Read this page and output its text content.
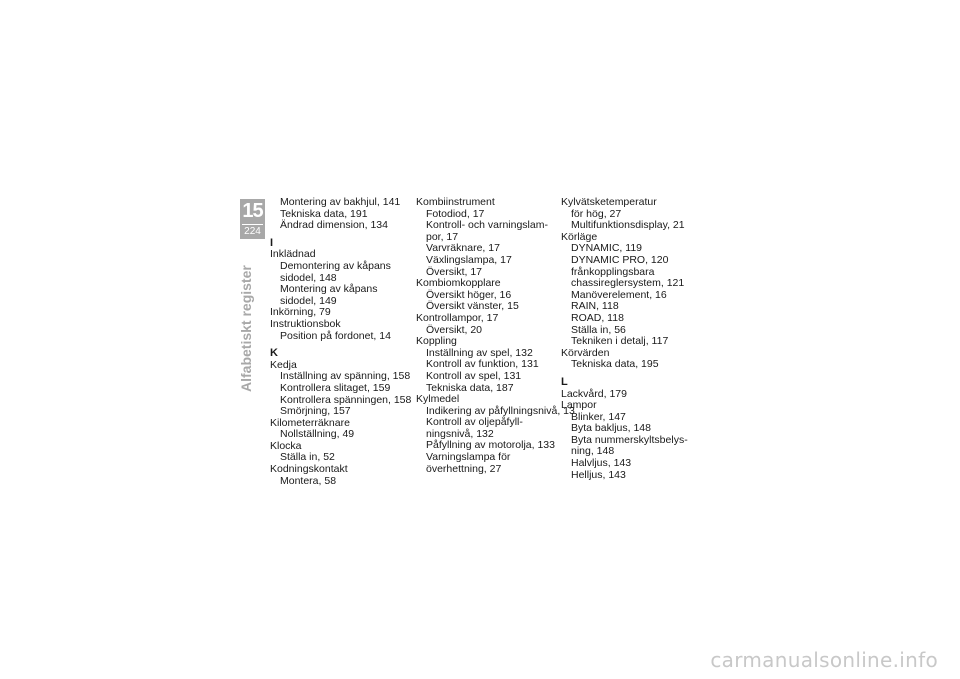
15
224
Alfabetiskt register
Montering av bakhjul, 141
Tekniska data, 191
Ändrad dimension, 134
I
Inklädnad
Demontering av kåpans
sidodel, 148
Montering av kåpans
sidodel, 149
Inkörning, 79
Instruktionsbok
Position på fordonet, 14
K
Kedja
Inställning av spänning, 158
Kontrollera slitaget, 159
Kontrollera spänningen, 158
Smörjning, 157
Kilometerräknare
Nollställning, 49
Klocka
Ställa in, 52
Kodningskontakt
Montera, 58
Kombiinstrument
Fotodiod, 17
Kontroll- och varningslam-
por, 17
Varvräknare, 17
Växlingslampa, 17
Översikt, 17
Kombiomkopplare
Översikt höger, 16
Översikt vänster, 15
Kontrollampor, 17
Översikt, 20
Koppling
Inställning av spel, 132
Kontroll av funktion, 131
Kontroll av spel, 131
Tekniska data, 187
Kylmedel
Indikering av påfyllningsnivå, 13
Kontroll av oljepåfyll-
ningsnivå, 132
Påfyllning av motorolja, 133
Varningslampa för
överhettning, 27
Kylvätsketemperatur
för hög, 27
Multifunktionsdisplay, 21
Körläge
DYNAMIC, 119
DYNAMIC PRO, 120
frånkopplingsbara
chassireglersystem, 121
Manöverelement, 16
RAIN, 118
ROAD, 118
Ställa in, 56
Tekniken i detalj, 117
Körvärden
Tekniska data, 195
L
Lackvård, 179
Lampor
Blinker, 147
Byta bakljus, 148
Byta nummerskyltsbelys-
ning, 148
Halvljus, 143
Helljus, 143
carmanualsonline.info
